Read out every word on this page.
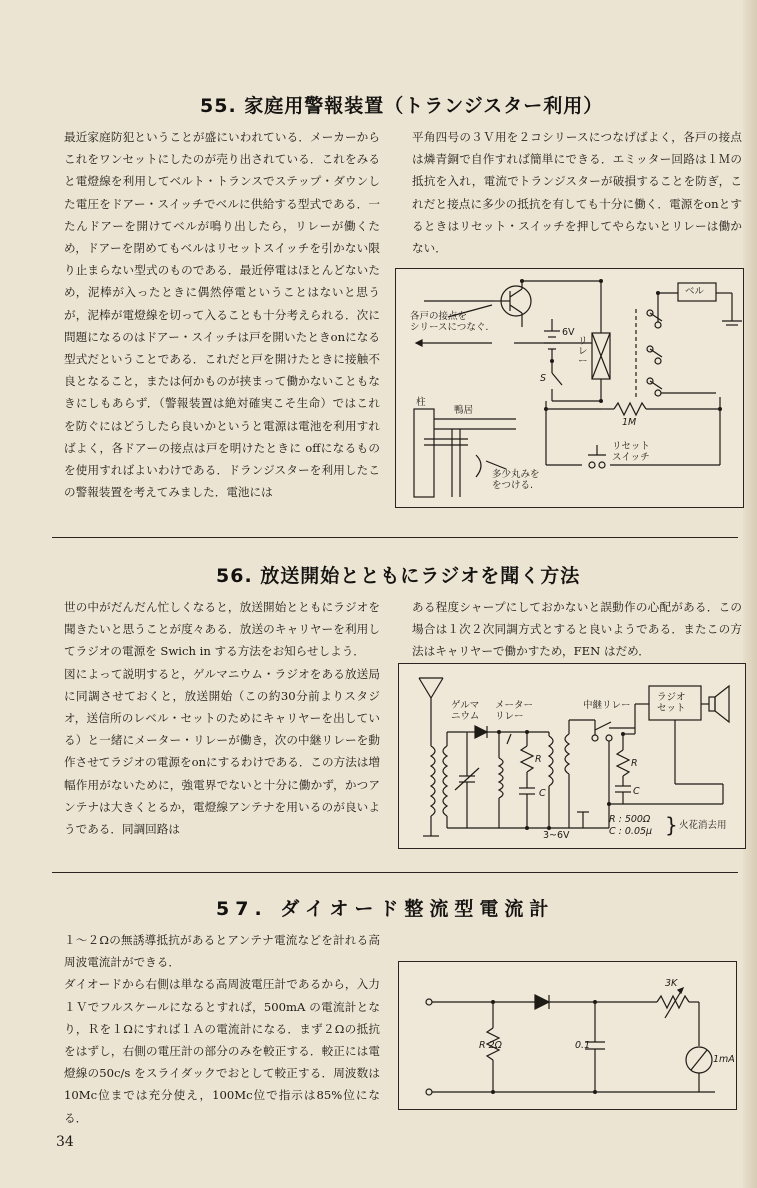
55. 家庭用警報装置（トランジスター利用）

最近家庭防犯ということが盛にいわれている．メーカーからこれをワンセットにしたのが売り出されている．これをみると電燈線を利用してベルト・トランスでステップ・ダウンした電圧をドアー・スイッチでベルに供給する型式である．一たんドアーを開けてベルが鳴り出したら，リレーが働くため，ドアーを閉めてもベルはリセットスイッチを引かない限り止まらない型式のものである．最近停電はほとんどないため，泥棒が入ったときに偶然停電ということはないと思うが，泥棒が電燈線を切って入ることも十分考えられる．次に問題になるのはドアー・スイッチは戸を開いたときonになる型式だということである．これだと戸を開けたときに接触不良となること，または何かものが挟まって働かないこともなきにしもあらず．（警報装置は絶対確実こそ生命）ではこれを防ぐにはどうしたら良いかというと電源は電池を利用すればよく，各ドアーの接点は戸を明けたときに offになるものを使用すればよいわけである．ドランジスターを利用したこの警報装置を考えてみました．電池には

平角四号の３Ｖ用を２コシリースにつなげばよく，各戸の接点は燐青銅で自作すれば簡単にできる．エミッター回路は１Ｍの抵抗を入れ，電流でトランジスターが破損することを防ぎ，これだと接点に多少の抵抗を有しても十分に働く．電源をonとするときはリセット・スイッチを押してやらないとリレーは働かない．

各戸の接点を
シリースにつなぐ.	6V
S
リ
レ
ー
ベル
1M
柱
鴨居
多少丸みを
をつける.
リセット
スイッチ
56. 放送開始とともにラジオを聞く方法

世の中がだんだん忙しくなると，放送開始とともにラジオを聞きたいと思うことが度々ある．放送のキャリヤーを利用してラジオの電源を Swich in する方法をお知らせしよう．

図によって説明すると，ゲルマニウム・ラジオをある放送局に同調させておくと，放送開始（この約30分前よりスタジオ，送信所のレベル・セットのためにキャリヤーを出している）と一緒にメーター・リレーが働き，次の中継リレーを動作させてラジオの電源をonにするわけである．この方法は増幅作用がないために，強電界でないと十分に働かず，かつアンテナは大きくとるか，電燈線アンテナを用いるのが良いようである．同調回路は

ある程度シャープにしておかないと誤動作の心配がある．この場合は１次２次同調方式とすると良いようである．またこの方法はキャリヤーで働かすため，FEN はだめ．

ゲルマ
ニウム
メーター
リレー
中継リレー
ラジオ
セット
R
C
R
C
3~6V
R : 500Ω
C : 0.05μ } 火花消去用
57. ダイオード整流型電流計

１～２Ωの無誘導抵抗があるとアンテナ電流などを計れる高周波電流計ができる．

ダイオードから右側は単なる高周波電圧計であるから，入力１Ｖでフルスケールになるとすれば，500mA の電流計となり，Ｒを１Ωにすれば１Ａの電流計になる．まず２Ωの抵抗をはずし，右側の電圧計の部分のみを較正する．較正には電燈線の50c/s をスライダックでおとして較正する．周波数は 10Mc位までは充分使え，100Mc位で指示は85%位になる．

R 2Ω	0.1
3K
1mA
34
